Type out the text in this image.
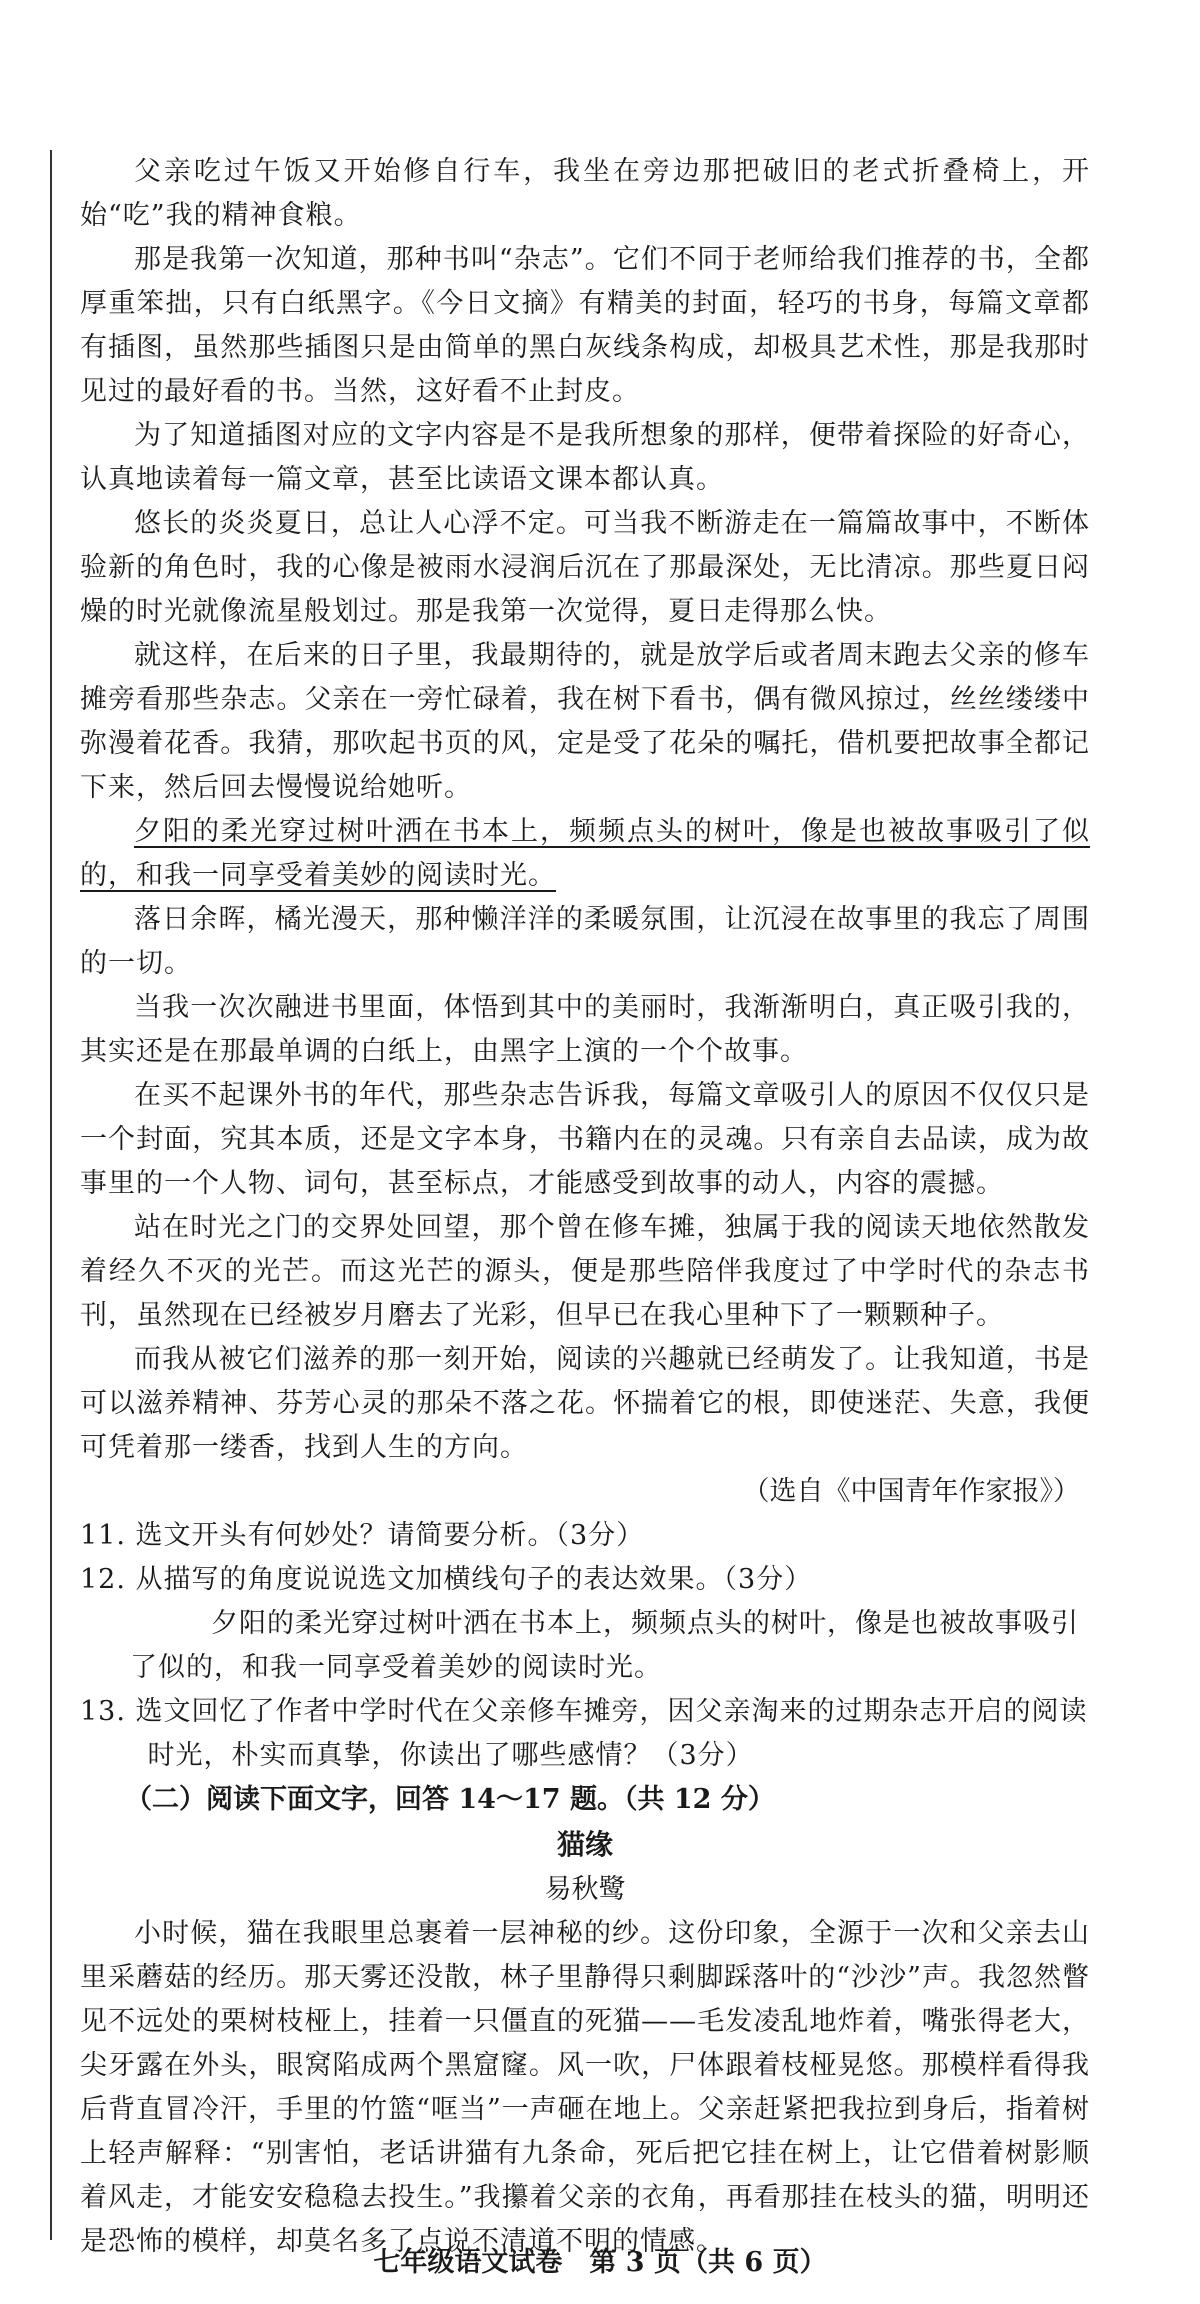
父亲吃过午饭又开始修自行车，我坐在旁边那把破旧的老式折叠椅上，开始“吃”我的精神食粮。

那是我第一次知道，那种书叫“杂志”。它们不同于老师给我们推荐的书，全都厚重笨拙，只有白纸黑字。《今日文摘》有精美的封面，轻巧的书身，每篇文章都有插图，虽然那些插图只是由简单的黑白灰线条构成，却极具艺术性，那是我那时见过的最好看的书。当然，这好看不止封皮。

为了知道插图对应的文字内容是不是我所想象的那样，便带着探险的好奇心，认真地读着每一篇文章，甚至比读语文课本都认真。

悠长的炎炎夏日，总让人心浮不定。可当我不断游走在一篇篇故事中，不断体验新的角色时，我的心像是被雨水浸润后沉在了那最深处，无比清凉。那些夏日闷燥的时光就像流星般划过。那是我第一次觉得，夏日走得那么快。

就这样，在后来的日子里，我最期待的，就是放学后或者周末跑去父亲的修车摊旁看那些杂志。父亲在一旁忙碌着，我在树下看书，偶有微风掠过，丝丝缕缕中弥漫着花香。我猜，那吹起书页的风，定是受了花朵的嘱托，借机要把故事全都记下来，然后回去慢慢说给她听。

夕阳的柔光穿过树叶洒在书本上，频频点头的树叶，像是也被故事吸引了似的，和我一同享受着美妙的阅读时光。

落日余晖，橘光漫天，那种懒洋洋的柔暖氛围，让沉浸在故事里的我忘了周围的一切。

当我一次次融进书里面，体悟到其中的美丽时，我渐渐明白，真正吸引我的，其实还是在那最单调的白纸上，由黑字上演的一个个故事。

在买不起课外书的年代，那些杂志告诉我，每篇文章吸引人的原因不仅仅只是一个封面，究其本质，还是文字本身，书籍内在的灵魂。只有亲自去品读，成为故事里的一个人物、词句，甚至标点，才能感受到故事的动人，内容的震撼。

站在时光之门的交界处回望，那个曾在修车摊，独属于我的阅读天地依然散发着经久不灭的光芒。而这光芒的源头，便是那些陪伴我度过了中学时代的杂志书刊，虽然现在已经被岁月磨去了光彩，但早已在我心里种下了一颗颗种子。

而我从被它们滋养的那一刻开始，阅读的兴趣就已经萌发了。让我知道，书是可以滋养精神、芬芳心灵的那朵不落之花。怀揣着它的根，即使迷茫、失意，我便可凭着那一缕香，找到人生的方向。

（选自《中国青年作家报》）

11. 选文开头有何妙处？请简要分析。（3分）

12. 从描写的角度说说选文加横线句子的表达效果。（3分）

夕阳的柔光穿过树叶洒在书本上，频频点头的树叶，像是也被故事吸引了似的，和我一同享受着美妙的阅读时光。

13. 选文回忆了作者中学时代在父亲修车摊旁，因父亲淘来的过期杂志开启的阅读时光，朴实而真挚，你读出了哪些感情？（3分）

（二）阅读下面文字，回答 14～17 题。（共 12 分）

猫缘

易秋鹭

小时候，猫在我眼里总裹着一层神秘的纱。这份印象，全源于一次和父亲去山里采蘑菇的经历。那天雾还没散，林子里静得只剩脚踩落叶的“沙沙”声。我忽然瞥见不远处的栗树枝桠上，挂着一只僵直的死猫——毛发凌乱地炸着，嘴张得老大，尖牙露在外头，眼窝陷成两个黑窟窿。风一吹，尸体跟着枝桠晃悠。那模样看得我后背直冒冷汗，手里的竹篮“哐当”一声砸在地上。父亲赶紧把我拉到身后，指着树上轻声解释：“别害怕，老话讲猫有九条命，死后把它挂在树上，让它借着树影顺着风走，才能安安稳稳去投生。”我攥着父亲的衣角，再看那挂在枝头的猫，明明还是恐怖的模样，却莫名多了点说不清道不明的情感。

七年级语文试卷　第 3 页（共 6 页）
